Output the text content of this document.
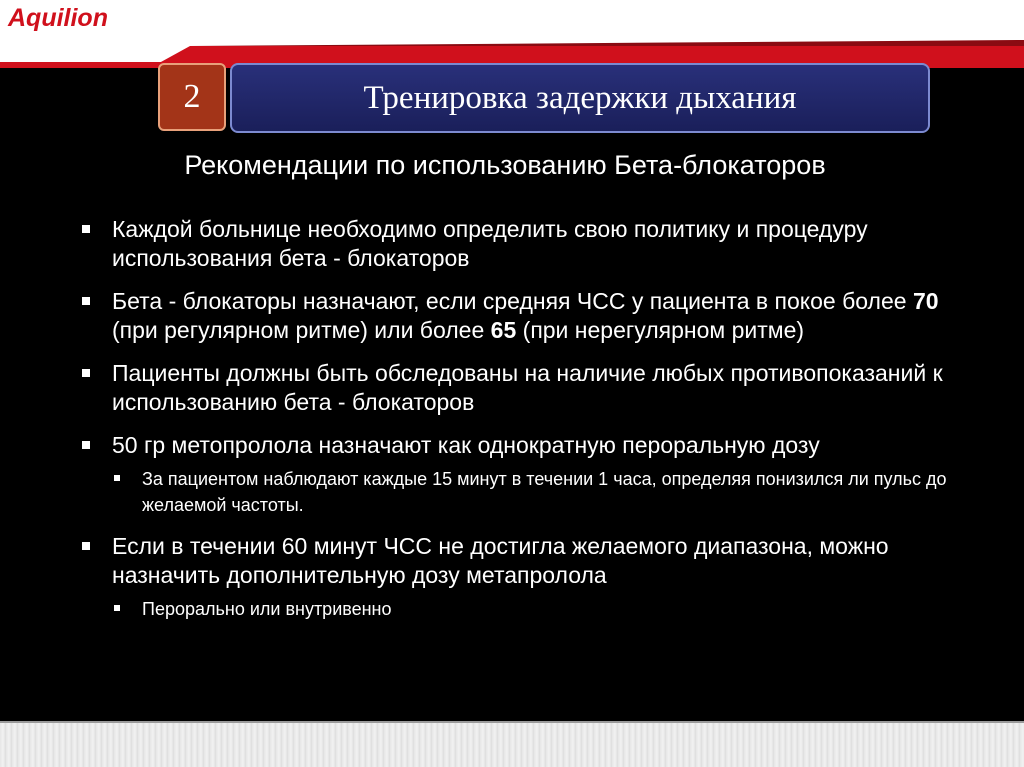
Aquilion
2	Тренировка задержки дыхания
Рекомендации по использованию Бета-блокаторов
Каждой больнице необходимо определить свою политику и процедуру использования бета - блокаторов
Бета - блокаторы назначают, если средняя ЧСС у пациента в покое более 70 (при регулярном ритме) или более 65 (при нерегулярном ритме)
Пациенты должны быть обследованы на наличие любых противопоказаний к использованию бета - блокаторов
50 гр метопролола назначают как однократную пероральную дозу
За пациентом наблюдают каждые 15 минут в течении 1 часа, определяя понизился ли пульс до желаемой частоты.
Если в течении 60 минут ЧСС не достигла желаемого диапазона, можно назначить дополнительную дозу метапролола
Перорально или внутривенно
